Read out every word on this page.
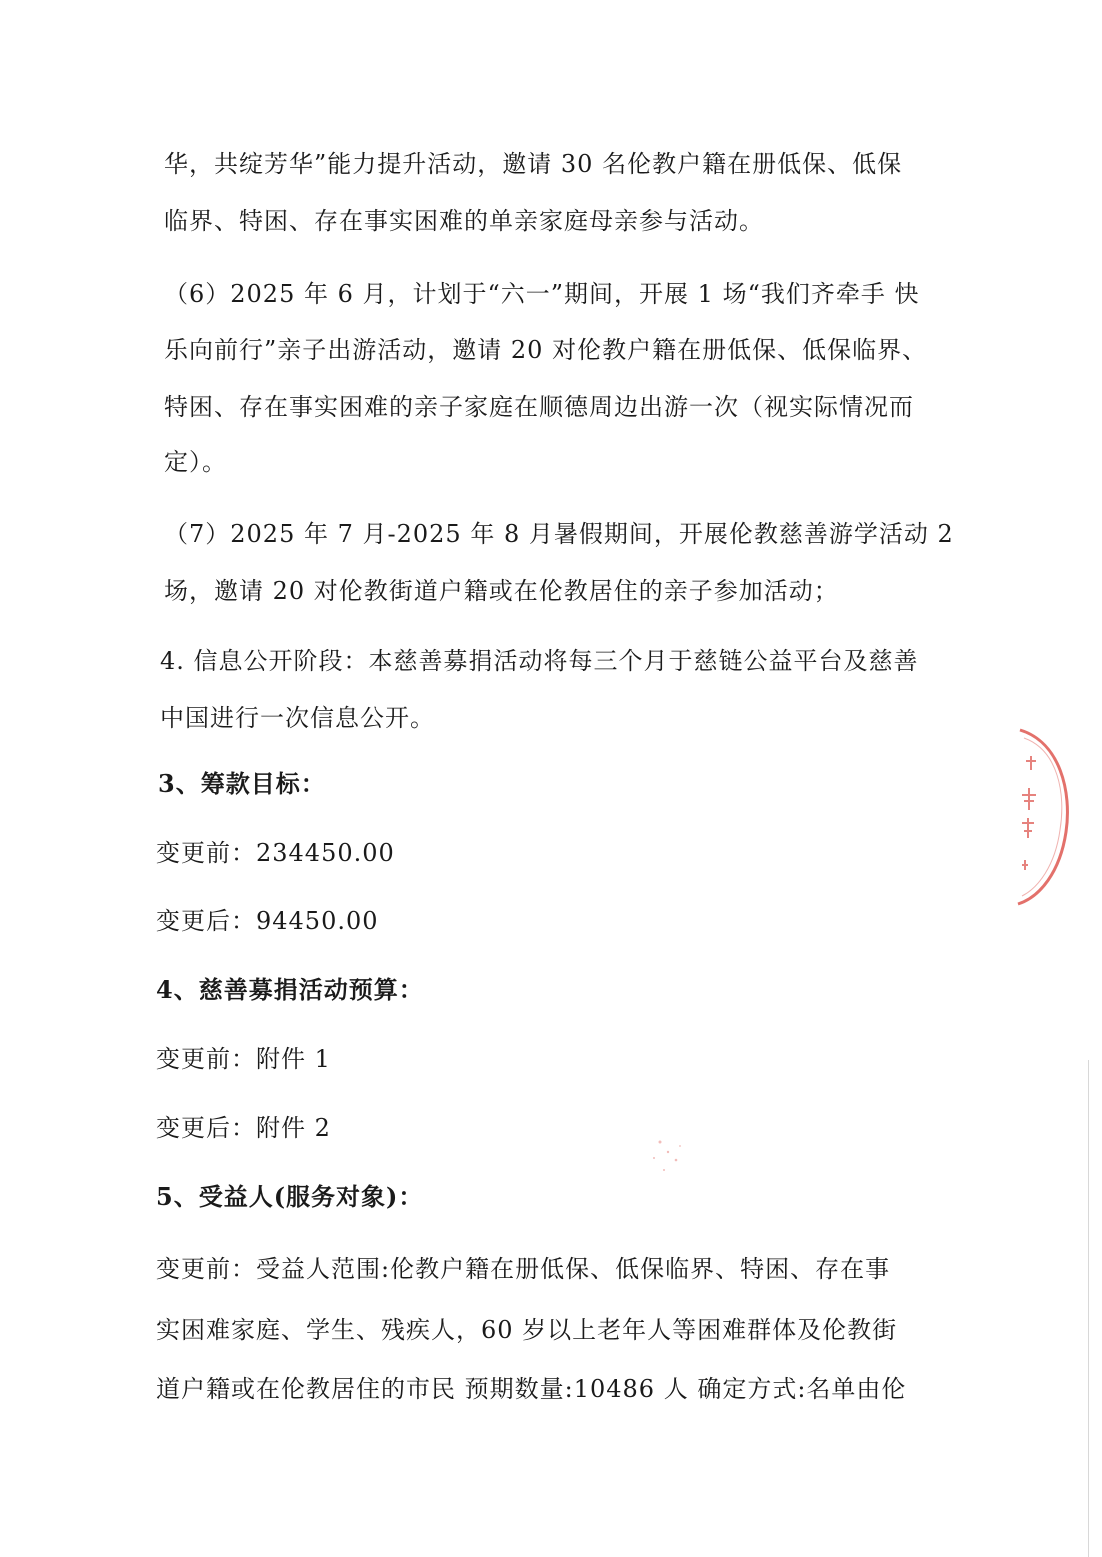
华，共绽芳华”能力提升活动，邀请 30 名伦教户籍在册低保、低保
临界、特困、存在事实困难的单亲家庭母亲参与活动。
（6）2025 年 6 月，计划于“六一”期间，开展 1 场“我们齐牵手 快
乐向前行”亲子出游活动，邀请 20 对伦教户籍在册低保、低保临界、
特困、存在事实困难的亲子家庭在顺德周边出游一次（视实际情况而
定）。
（7）2025 年 7 月-2025 年 8 月暑假期间，开展伦教慈善游学活动 2
场，邀请 20 对伦教街道户籍或在伦教居住的亲子参加活动；
4. 信息公开阶段：本慈善募捐活动将每三个月于慈链公益平台及慈善
中国进行一次信息公开。
3、筹款目标：
变更前：234450.00
变更后：94450.00
4、慈善募捐活动预算：
变更前：附件 1
变更后：附件 2
5、受益人(服务对象)：
变更前：受益人范围:伦教户籍在册低保、低保临界、特困、存在事
实困难家庭、学生、残疾人，60 岁以上老年人等困难群体及伦教街
道户籍或在伦教居住的市民 预期数量:10486 人 确定方式:名单由伦
